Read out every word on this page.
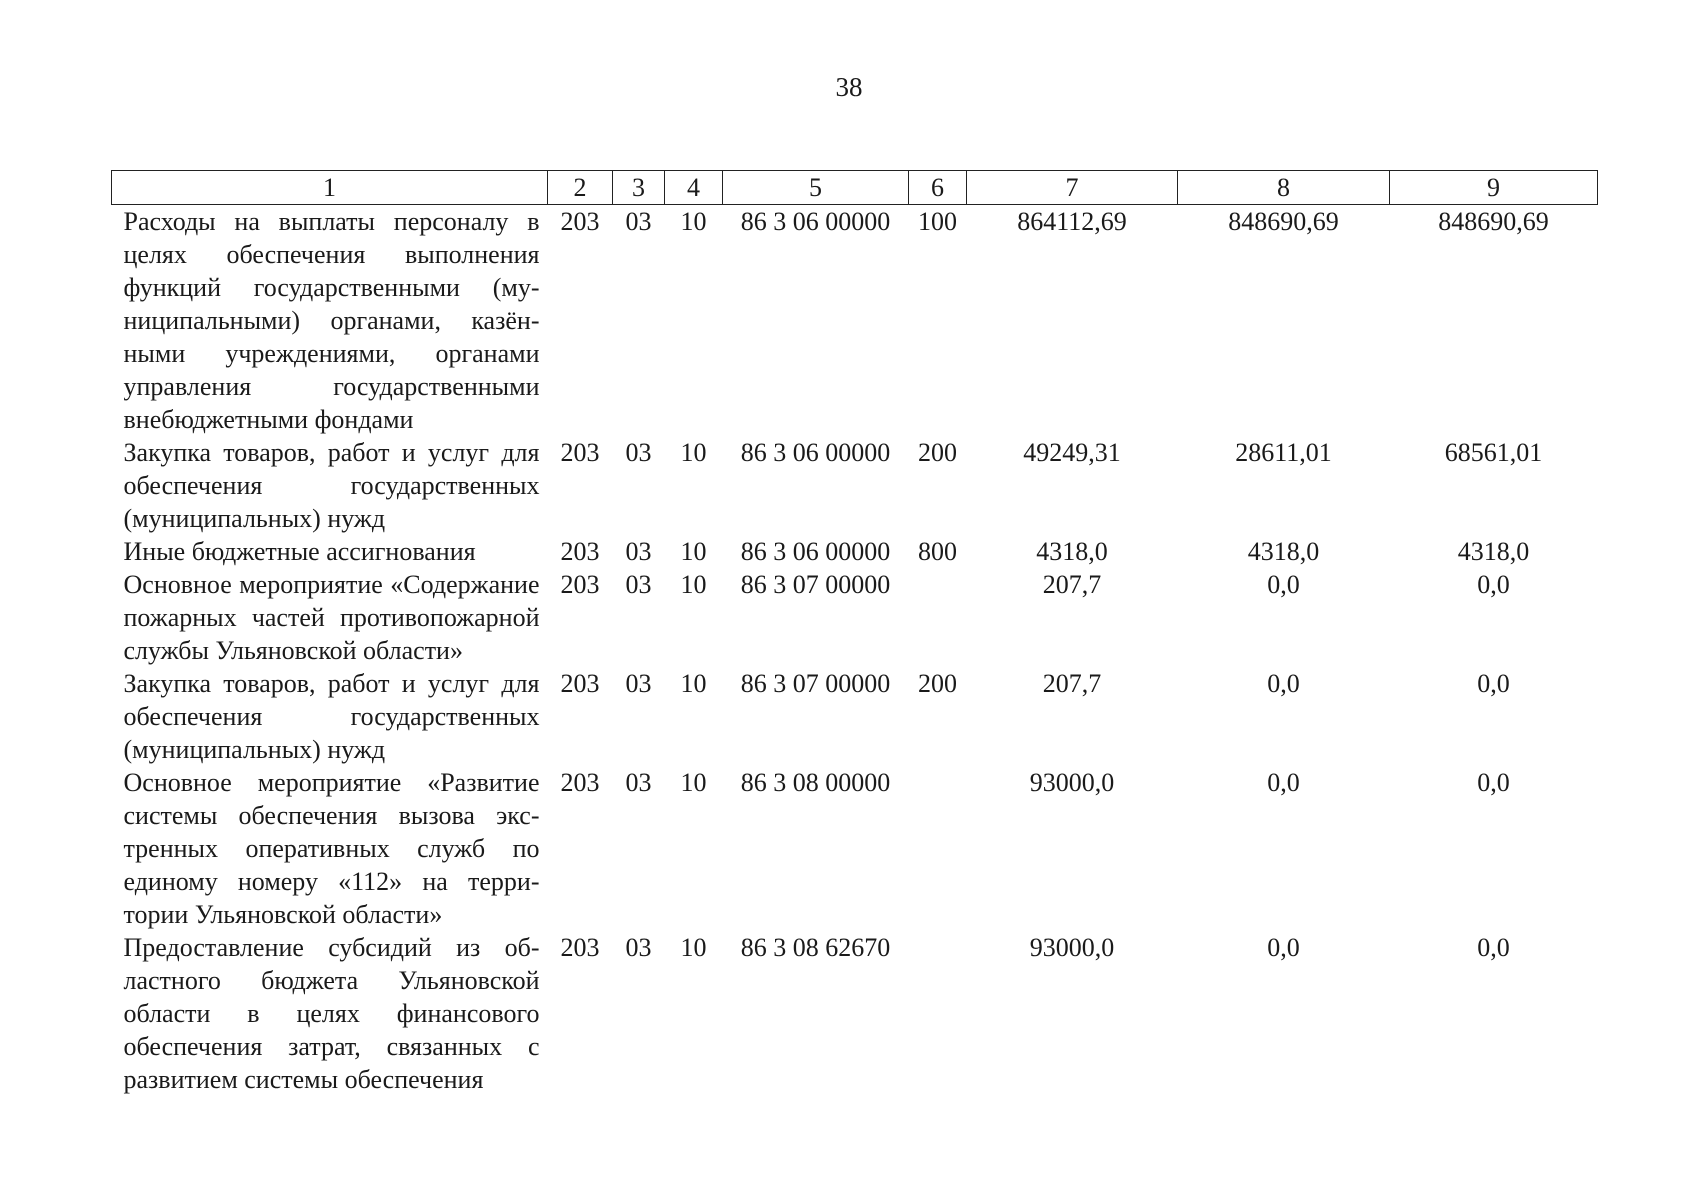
38
1	2	3	4	5	6	7	8	9
Расходы на выплаты персоналу в целях обеспечения выполнения функций государственными (муниципальными) органами, казёнными учреждениями, органами управления государственными внебюджетными фондами	203	03	10	86 3 06 00000	100	864112,69	848690,69	848690,69
Закупка товаров, работ и услуг для обеспечения государственных (муниципальных) нужд	203	03	10	86 3 06 00000	200	49249,31	28611,01	68561,01
Иные бюджетные ассигнования	203	03	10	86 3 06 00000	800	4318,0	4318,0	4318,0
Основное мероприятие «Содержание пожарных частей противопожарной службы Ульяновской области»	203	03	10	86 3 07 00000		207,7	0,0	0,0
Закупка товаров, работ и услуг для обеспечения государственных (муниципальных) нужд	203	03	10	86 3 07 00000	200	207,7	0,0	0,0
Основное мероприятие «Развитие системы обеспечения вызова экстренных оперативных служб по единому номеру «112» на территории Ульяновской области»	203	03	10	86 3 08 00000		93000,0	0,0	0,0
Предоставление субсидий из областного бюджета Ульяновской области в целях финансового обеспечения затрат, связанных с развитием системы обеспечения	203	03	10	86 3 08 62670		93000,0	0,0	0,0
